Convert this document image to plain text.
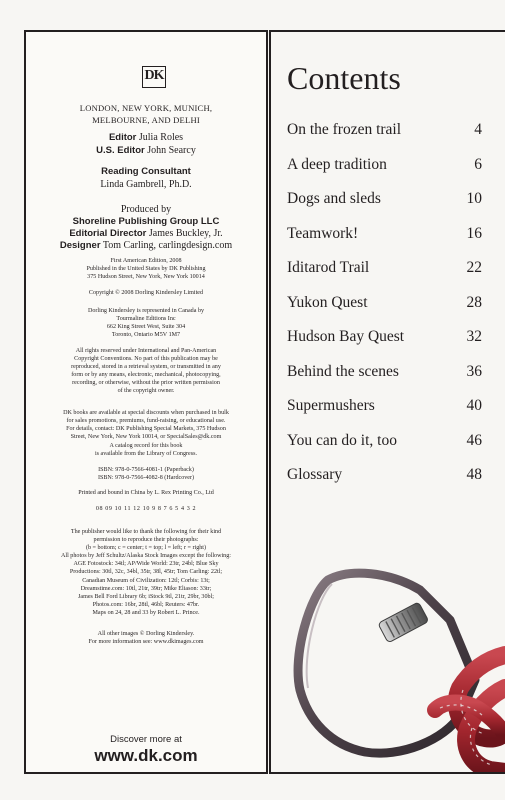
DK
LONDON, NEW YORK, MUNICH,
MELBOURNE, AND DELHI
Editor Julia Roles
U.S. Editor John Searcy
Reading Consultant
Linda Gambrell, Ph.D.
Produced by
Shoreline Publishing Group LLC
Editorial Director James Buckley, Jr.
Designer Tom Carling, carlingdesign.com
First American Edition, 2008
Published in the United States by DK Publishing
375 Hudson Street, New York, New York 10014
Copyright © 2008 Dorling Kindersley Limited
Dorling Kindersley is represented in Canada by
Tourmaline Editions Inc
662 King Street West, Suite 304
Toronto, Ontario M5V 1M7
All rights reserved under International and Pan-American
Copyright Conventions. No part of this publication may be
reproduced, stored in a retrieval system, or transmitted in any
form or by any means, electronic, mechanical, photocopying,
recording, or otherwise, without the prior written permission
of the copyright owner.
DK books are available at special discounts when purchased in bulk
for sales promotions, premiums, fund-raising, or educational use.
For details, contact: DK Publishing Special Markets, 375 Hudson
Street, New York, New York 10014, or SpecialSales@dk.com
A catalog record for this book
is available from the Library of Congress.
ISBN: 978-0-7566-4081-1 (Paperback)
ISBN: 978-0-7566-4082-8 (Hardcover)
Printed and bound in China by L. Rex Printing Co., Ltd
08 09 10 11 12 10 9 8 7 6 5 4 3 2
The publisher would like to thank the following for their kind
permission to reproduce their photographs:
(b = bottom; c = center; t = top; l = left; r = right)
All photos by Jeff Schultz/Alaska Stock Images except the following:
AGE Fotostock: 34tl; AP/Wide World: 23tr, 24bl; Blue Sky
Productions: 30tl, 32c, 34bl, 35tr, 38l, 45tr; Tom Carling: 22tl;
Canadian Museum of Civilization: 12tl; Corbis: 13t;
Dreamstime.com: 10tl, 21tr, 39tr; Mike Eliason: 33tr;
James Bell Ford Library 6b; iStock 9tl, 21tr, 29br, 30bl;
Photos.com: 16br, 28tl, 46bl; Reuters: 47br.
Maps on 24, 28 and 33 by Robert L. Prince.
All other images © Dorling Kindersley.
For more information see: www.dkimages.com
Discover more at
www.dk.com
Contents
On the frozen trail	4
A deep tradition	6
Dogs and sleds	10
Teamwork!	16
Iditarod Trail	22
Yukon Quest	28
Hudson Bay Quest	32
Behind the scenes	36
Supermushers	40
You can do it, too	46
Glossary	48
